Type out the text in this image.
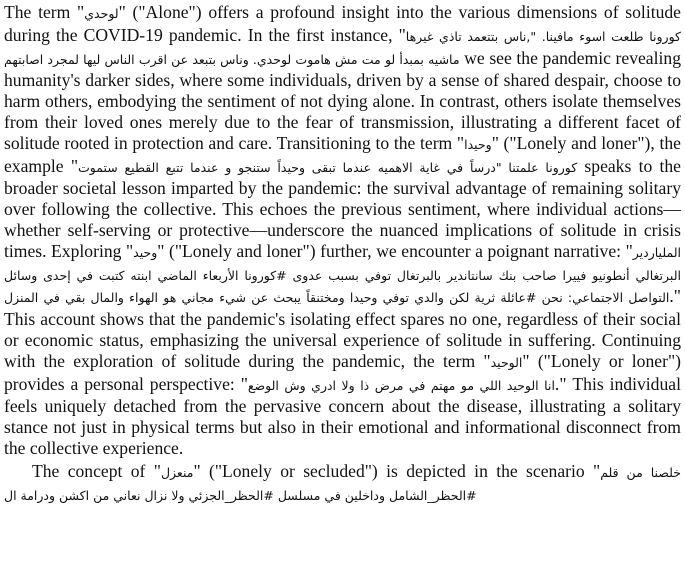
The term "لوحدي" ("Alone") offers a profound insight into the various dimensions of solitude during the COVID-19 pandemic. In the first instance, "كورونا طلعت اسوء مافينا. ",ناس بتتعمد تاذي غيرها ماشيه بمبدأ لو مت مش هاموت لوحدي. وناس بتبعد عن اقرب الناس ليها لمجرد اصابتهم we see the pandemic revealing humanity's darker sides, where some individuals, driven by a sense of shared despair, choose to harm others, embodying the sentiment of not dying alone. In contrast, others isolate themselves from their loved ones merely due to the fear of transmission, illustrating a different facet of solitude rooted in protection and care. Transitioning to the term "وحيدا" ("Lonely and loner"), the example "كورونا علمتنا "درساً في غاية الاهميه عندما تبقى وحيداً ستنجو و عندما تتبع القطيع ستموت speaks to the broader societal lesson imparted by the pandemic: the survival advantage of remaining solitary over following the collective. This echoes the previous sentiment, where individual actions—whether self-serving or protective—underscore the nuanced implications of solitude in crisis times. Exploring "وحيد" ("Lonely and loner") further, we encounter a poignant narrative: "الملياردير البرتغالي أنطونيو فييرا صاحب بنك سانتاندير بالبرتغال توفي بسبب عدوى #كورونا الأربعاء الماضي ابنته كتبت في إحدى وسائل التواصل الاجتماعي: نحن #عائلة ثرية لكن والدي توفي وحيدا ومختنقاً يبحث عن شيء مجاني هو الهواء والمال بقي في المنزل." This account shows that the pandemic's isolating effect spares no one, regardless of their social or economic status, emphasizing the universal experience of solitude in suffering. Continuing with the exploration of solitude during the pandemic, the term "الوحيد" ("Lonely or loner") provides a personal perspective: "انا الوحيد اللي مو مهتم في مرض ذا ولا ادري وش الوضع." This individual feels uniquely detached from the pervasive concern about the disease, illustrating a solitary stance not just in physical terms but also in their emotional and informational disconnect from the collective experience.

The concept of "منعزل" ("Lonely or secluded") is depicted in the scenario "خلصنا من قلم #الحظر_الشامل وداخلين في مسلسل #الحظر_الجزئي ولا نزال نعاني من اكشن ودرامة ال
